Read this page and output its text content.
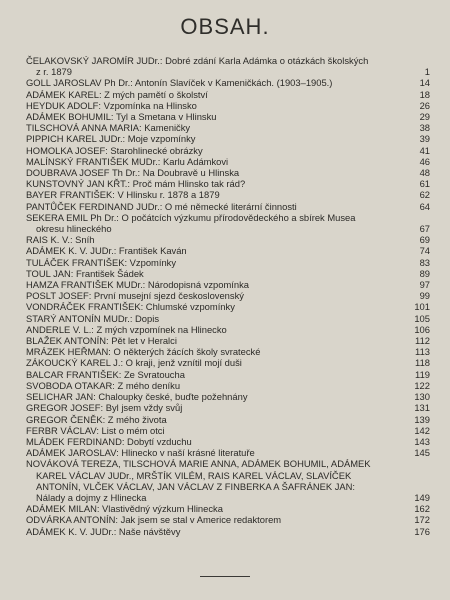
OBSAH.
ČELAKOVSKÝ JAROMÍR JUDr.: Dobré zdání Karla Adámka o otázkách školských
z r. 1879	1
GOLL JAROSLAV Ph Dr.: Antonín Slavíček v Kameničkách. (1903–1905.)	14
ADÁMEK KAREL: Z mých pamětí o školství	18
HEYDUK ADOLF: Vzpomínka na Hlinsko	26
ADÁMEK BOHUMIL: Tyl a Smetana v Hlinsku	29
TILSCHOVÁ ANNA MARIA: Kameničky	38
PIPPICH KAREL JUDr.: Moje vzpomínky	39
HOMOLKA JOSEF: Starohlinecké obrázky	41
MALÍNSKÝ FRANTIŠEK MUDr.: Karlu Adámkovi	46
DOUBRAVA JOSEF Th Dr.: Na Doubravě u Hlinska	48
KUNSTOVNÝ JAN KŘT.: Proč mám Hlinsko tak rád?	61
BAYER FRANTIŠEK: V Hlinsku r. 1878 a 1879	62
PANTŮČEK FERDINAND JUDr.: O mé německé literární činnosti	64
SEKERA EMIL Ph Dr.: O počátcích výzkumu přírodovědeckého a sbírek Musea
okresu hlineckého	67
RAIS K. V.: Sníh	69
ADÁMEK K. V. JUDr.: František Kaván	74
TULÁČEK FRANTIŠEK: Vzpomínky	83
TOUL JAN: František Šádek	89
HAMZA FRANTIŠEK MUDr.: Národopisná vzpomínka	97
POSLT JOSEF: První musejní sjezd československý	99
VONDRÁČEK FRANTIŠEK: Chlumské vzpomínky	101
STARÝ ANTONÍN MUDr.: Dopis	105
ANDERLE V. L.: Z mých vzpomínek na Hlinecko	106
BLAŽEK ANTONÍN: Pět let v Heralci	112
MRÁZEK HEŘMAN: O některých žácích školy svratecké	113
ZÁKOUCKÝ KAREL J.: O kraji, jenž vznítil mojí duši	118
BALCAR FRANTIŠEK: Ze Svratoucha	119
SVOBODA OTAKAR: Z mého deníku	122
SELICHAR JAN: Chaloupky české, buďte požehnány	130
GREGOR JOSEF: Byl jsem vždy svůj	131
GREGOR ČENĚK: Z mého života	139
FERBR VÁCLAV: List o mém otci	142
MLÁDEK FERDINAND: Dobytí vzduchu	143
ADÁMEK JAROSLAV: Hlinecko v naší krásné literatuře	145
NOVÁKOVÁ TEREZA, TILSCHOVÁ MARIE ANNA, ADÁMEK BOHUMIL, ADÁMEK
KAREL VÁCLAV JUDr., MRŠTÍK VILÉM, RAIS KAREL VÁCLAV, SLAVÍČEK
ANTONÍN, VLČEK VÁCLAV, JAN VÁCLAV Z FINBERKA A ŠAFRÁNEK JAN:
Nálady a dojmy z Hlinecka	149
ADÁMEK MILAN: Vlastivědný výzkum Hlinecka	162
ODVÁRKA ANTONÍN: Jak jsem se stal v Americe redaktorem	172
ADÁMEK K. V. JUDr.: Naše návštěvy	176
